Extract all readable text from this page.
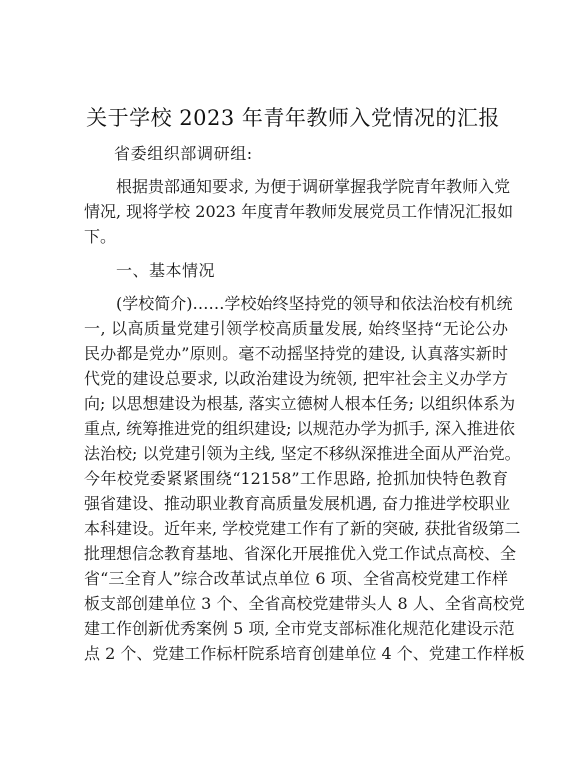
关于学校 2023 年青年教师入党情况的汇报
省委组织部调研组:
根据贵部通知要求, 为便于调研掌握我学院青年教师入党
情况, 现将学校 2023 年度青年教师发展党员工作情况汇报如
下。
一、基本情况
(学校简介)……学校始终坚持党的领导和依法治校有机统
一, 以高质量党建引领学校高质量发展, 始终坚持“无论公办
民办都是党办”原则。毫不动摇坚持党的建设, 认真落实新时
代党的建设总要求, 以政治建设为统领, 把牢社会主义办学方
向; 以思想建设为根基, 落实立德树人根本任务; 以组织体系为
重点, 统筹推进党的组织建设; 以规范办学为抓手, 深入推进依
法治校; 以党建引领为主线, 坚定不移纵深推进全面从严治党。
今年校党委紧紧围绕“12158”工作思路, 抢抓加快特色教育
强省建设、推动职业教育高质量发展机遇, 奋力推进学校职业
本科建设。近年来, 学校党建工作有了新的突破, 获批省级第二
批理想信念教育基地、省深化开展推优入党工作试点高校、全
省“三全育人”综合改革试点单位 6 项、全省高校党建工作样
板支部创建单位 3 个、全省高校党建带头人 8 人、全省高校党
建工作创新优秀案例 5 项, 全市党支部标准化规范化建设示范
点 2 个、党建工作标杆院系培育创建单位 4 个、党建工作样板
